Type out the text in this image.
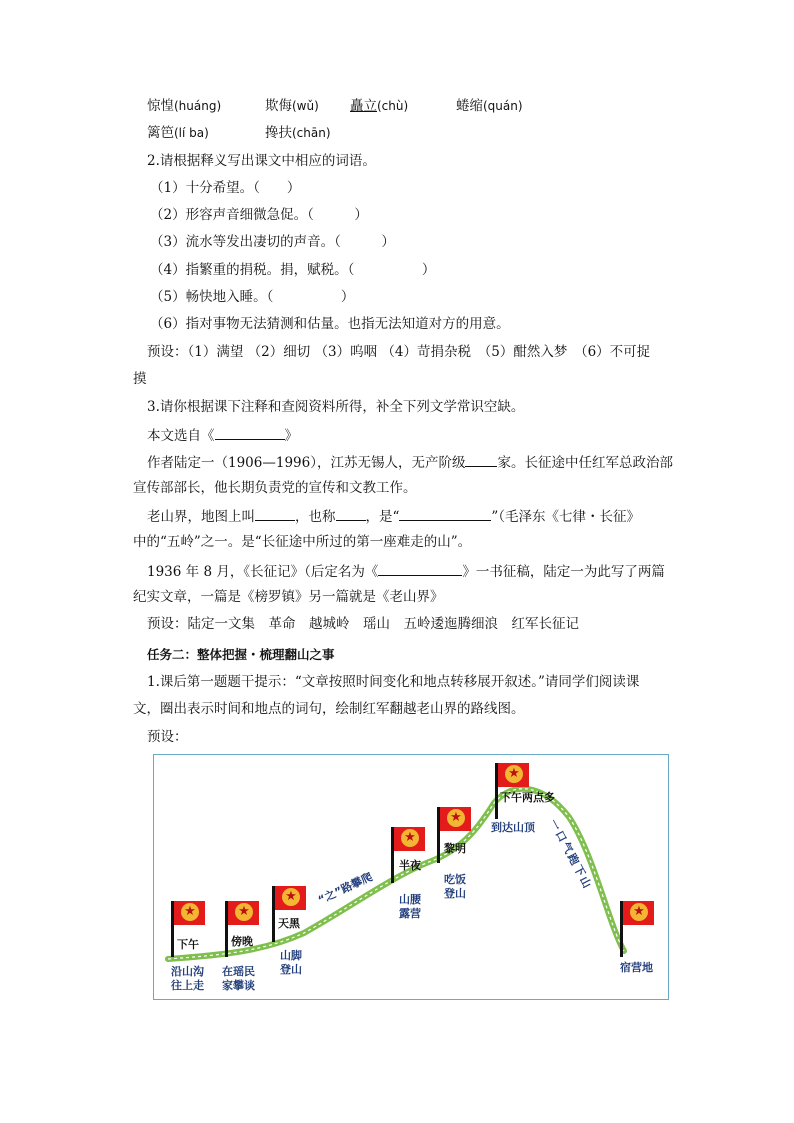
惊惶(huáng)	欺侮(wǔ) 矗立(chù)	蜷缩(quán)
篱笆(lí ba)	搀扶(chān)
2.请根据释义写出课文中相应的词语。
（1）十分希望。（　　）
（2）形容声音细微急促。（　　　）
（3）流水等发出凄切的声音。（　　　）
（4）指繁重的捐税。捐，赋税。（　　　　　）
（5）畅快地入睡。（　　　　　）
（6）指对事物无法猜测和估量。也指无法知道对方的用意。
预设：（1）满望 （2）细切 （3）呜咽 （4）苛捐杂税　（5）酣然入梦　（6）不可捉
摸
3.请你根据课下注释和查阅资料所得，补全下列文学常识空缺。
本文选自《	》
作者陆定一（1906—1996），江苏无锡人，无产阶级 家。长征途中任红军总政治部
宣传部部长，他长期负责党的宣传和文教工作。
老山界，地图上叫	，也称 ，是“	”（毛泽东《七律・长征》
中的“五岭”之一。是“长征途中所过的第一座难走的山”。
1936 年 8 月，《长征记》（后定名为《	》一书征稿，陆定一为此写了两篇
纪实文章，一篇是《榜罗镇》另一篇就是《老山界》
预设：陆定一文集　革命　越城岭　瑶山　五岭逶迤腾细浪　红军长征记
任务二：整体把握・梳理翻山之事
1.课后第一题题干提示：“文章按照时间变化和地点转移展开叙述。”请同学们阅读课
文，圈出表示时间和地点的词句，绘制红军翻越老山界的路线图。
预设：
★
下午
★
傍晚
★
天黑
★
半夜
★
黎明
★
下午两点多
★
沿山沟
往上走
在瑶民
家攀谈
山脚
登山
山腰
露营
吃饭
登山
到达山顶
宿营地
“之”路攀爬	一口气跑下山
